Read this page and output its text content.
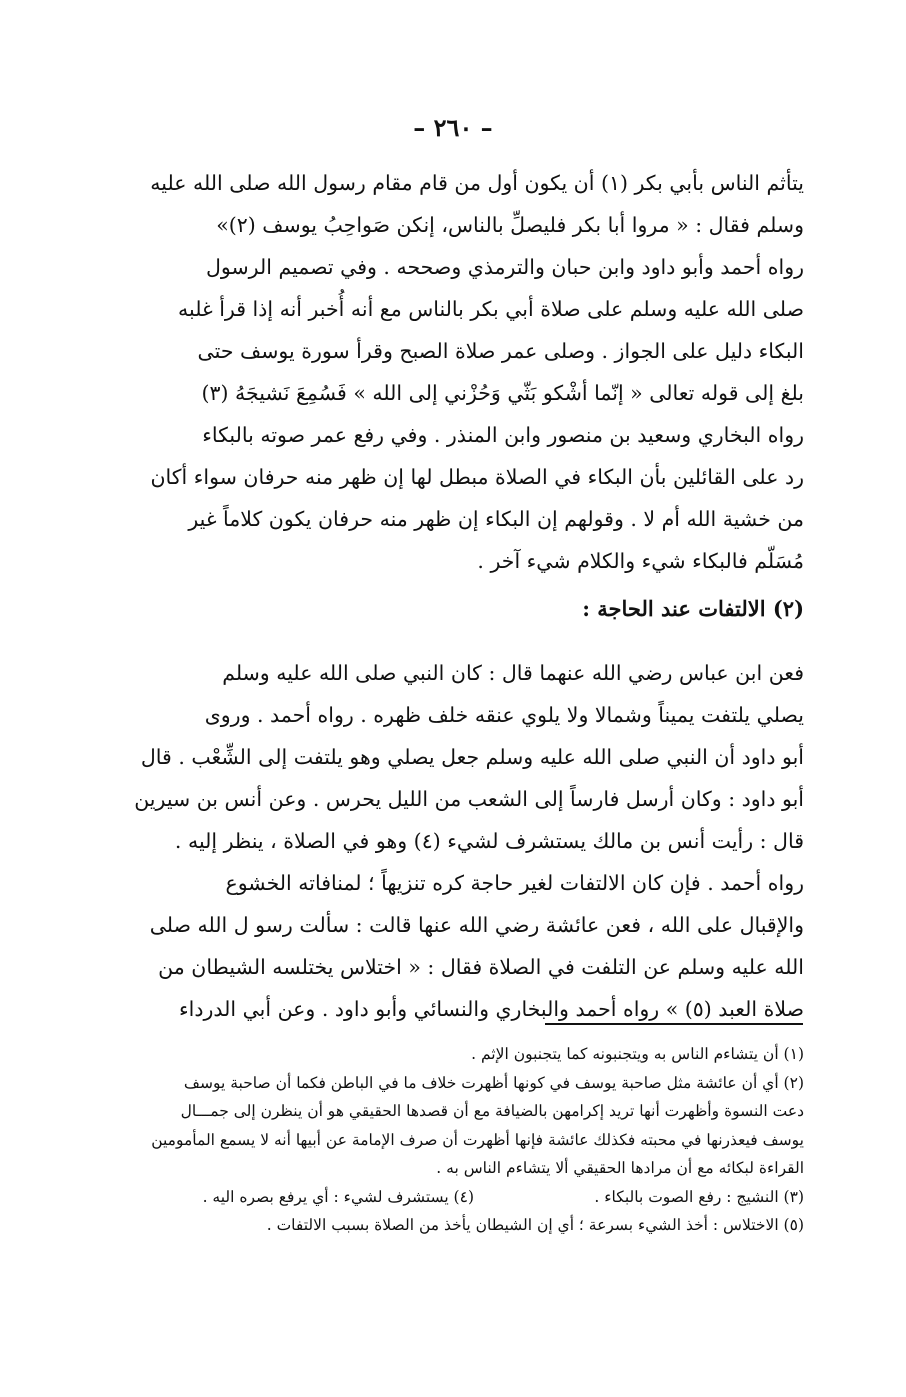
– ٢٦٠ –
يتأثم الناس بأبي بكر (١) أن يكون أول من قام مقام رسول الله صلى الله عليه
وسلم فقال : « مروا أبا بكر فليصلِّ بالناس، إنكن صَواحِبُ يوسف (٢)»
رواه أحمد وأبو داود وابن حبان والترمذي وصححه . وفي تصميم الرسول
صلى الله عليه وسلم على صلاة أبي بكر بالناس مع أنه أُخبر أنه إذا قرأ غلبه
البكاء دليل على الجواز . وصلى عمر صلاة الصبح وقرأ سورة يوسف حتى
بلغ إلى قوله تعالى « إنّما أشْكو بَثّي وَحُزْني إلى الله » فَسُمِعَ نَشيجَهُ (٣)
رواه البخاري وسعيد بن منصور وابن المنذر . وفي رفع عمر صوته بالبكاء
رد على القائلين بأن البكاء في الصلاة مبطل لها إن ظهر منه حرفان سواء أكان
من خشية الله أم لا . وقولهم إن البكاء إن ظهر منه حرفان يكون كلاماً غير
مُسَلّم فالبكاء شيء والكلام شيء آخر .
(٢) الالتفات عند الحاجة :
فعن ابن عباس رضي الله عنهما قال : كان النبي صلى الله عليه وسلم
يصلي يلتفت يميناً وشمالا ولا يلوي عنقه خلف ظهره . رواه أحمد . وروى
أبو داود أن النبي صلى الله عليه وسلم جعل يصلي وهو يلتفت إلى الشِّعْب . قال
أبو داود : وكان أرسل فارساً إلى الشعب من الليل يحرس . وعن أنس بن سيرين
قال : رأيت أنس بن مالك يستشرف لشيء (٤) وهو في الصلاة ، ينظر إليه .
رواه أحمد . فإن كان الالتفات لغير حاجة كره تنزيهاً ؛ لمنافاته الخشوع
والإقبال على الله ، فعن عائشة رضي الله عنها قالت : سألت رسو ل الله صلى
الله عليه وسلم عن التلفت في الصلاة فقال : « اختلاس يختلسه الشيطان من
صلاة العبد (٥) » رواه أحمد والبخاري والنسائي وأبو داود . وعن أبي الدرداء
(١) أن يتشاءم الناس به ويتجنبونه كما يتجنبون الإثم .
(٢) أي أن عائشة مثل صاحبة يوسف في كونها أظهرت خلاف ما في الباطن فكما أن صاحبة يوسف
دعت النسوة وأظهرت أنها تريد إكرامهن بالضيافة مع أن قصدها الحقيقي هو أن ينظرن إلى جمـــال
يوسف فيعذرنها في محبته فكذلك عائشة فإنها أظهرت أن صرف الإمامة عن أبيها أنه لا يسمع المأمومين
القراءة لبكائه مع أن مرادها الحقيقي ألا يتشاءم الناس به .
(٣) النشيج : رفع الصوت بالبكاء .
(٤) يستشرف لشيء : أي يرفع بصره اليه .
(٥) الاختلاس : أخذ الشيء بسرعة ؛ أي إن الشيطان يأخذ من الصلاة بسبب الالتفات .
